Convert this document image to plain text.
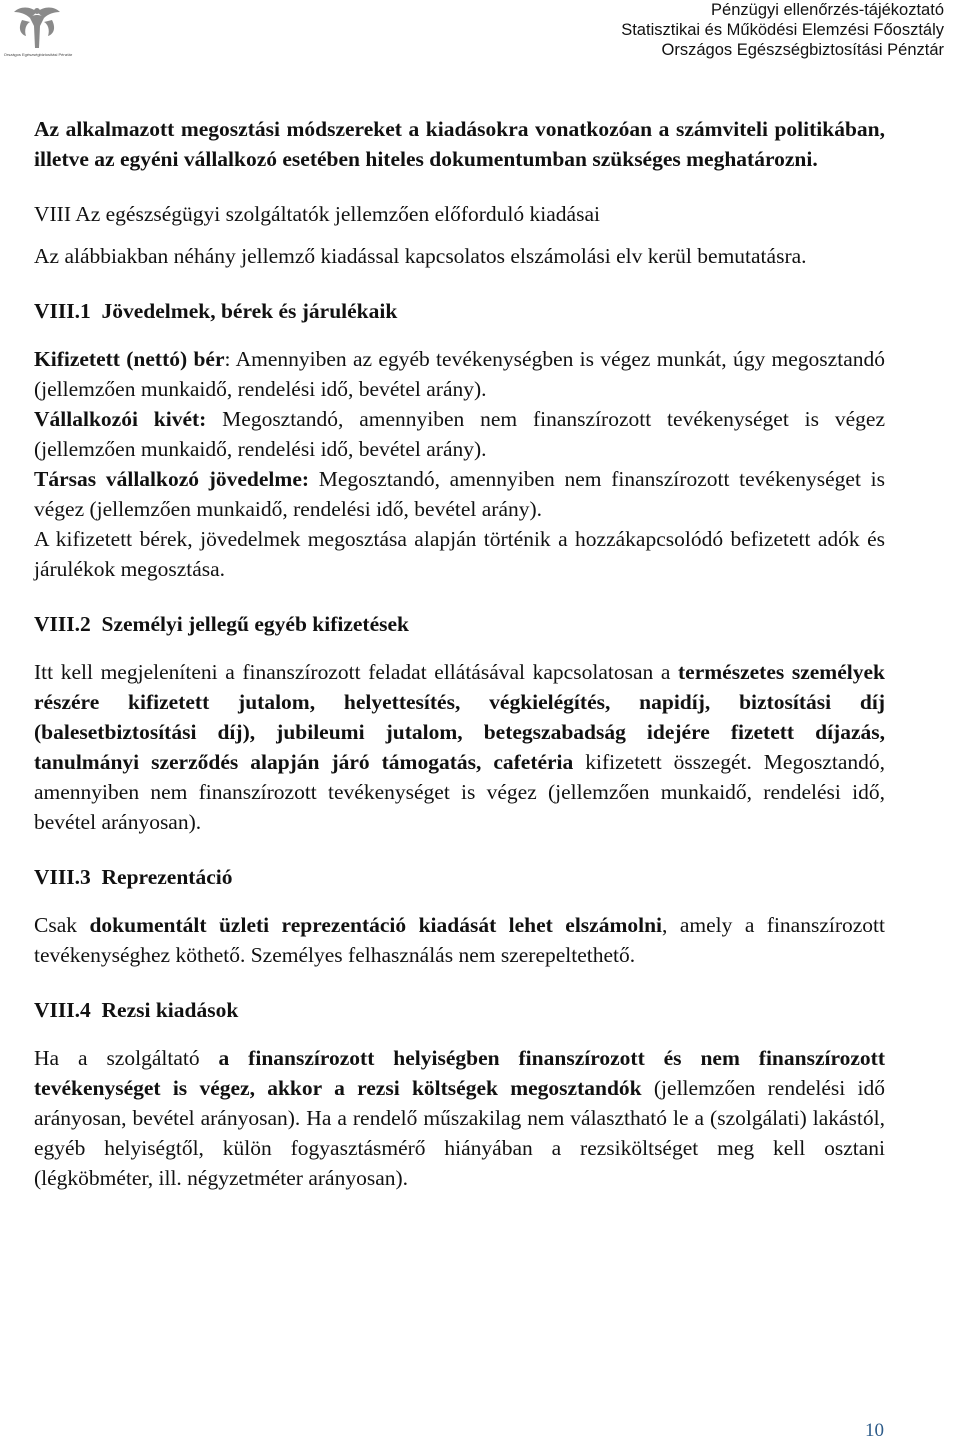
Országos Egészségbiztosítási Pénztár
Pénzügyi ellenőrzés-tájékoztató
Statisztikai és Működési Elemzési Főosztály
Országos Egészségbiztosítási Pénztár

Az alkalmazott megosztási módszereket a kiadásokra vonatkozóan a számviteli politikában, illetve az egyéni vállalkozó esetében hiteles dokumentumban szükséges meghatározni.

VIII Az egészségügyi szolgáltatók jellemzően előforduló kiadásai

Az alábbiakban néhány jellemző kiadással kapcsolatos elszámolási elv kerül bemutatásra.

VIII.1 Jövedelmek, bérek és járulékaik

Kifizetett (nettó) bér: Amennyiben az egyéb tevékenységben is végez munkát, úgy megosztandó (jellemzően munkaidő, rendelési idő, bevétel arány).

Vállalkozói kivét: Megosztandó, amennyiben nem finanszírozott tevékenységet is végez (jellemzően munkaidő, rendelési idő, bevétel arány).

Társas vállalkozó jövedelme: Megosztandó, amennyiben nem finanszírozott tevékenységet is végez (jellemzően munkaidő, rendelési idő, bevétel arány).

A kifizetett bérek, jövedelmek megosztása alapján történik a hozzákapcsolódó befizetett adók és járulékok megosztása.

VIII.2 Személyi jellegű egyéb kifizetések

Itt kell megjeleníteni a finanszírozott feladat ellátásával kapcsolatosan a természetes személyek részére kifizetett jutalom, helyettesítés, végkielégítés, napidíj, biztosítási díj (balesetbiztosítási díj), jubileumi jutalom, betegszabadság idejére fizetett díjazás, tanulmányi szerződés alapján járó támogatás, cafetéria kifizetett összegét. Megosztandó, amennyiben nem finanszírozott tevékenységet is végez (jellemzően munkaidő, rendelési idő, bevétel arányosan).

VIII.3 Reprezentáció

Csak dokumentált üzleti reprezentáció kiadását lehet elszámolni, amely a finanszírozott tevékenységhez köthető. Személyes felhasználás nem szerepeltethető.

VIII.4 Rezsi kiadások

Ha a szolgáltató a finanszírozott helyiségben finanszírozott és nem finanszírozott tevékenységet is végez, akkor a rezsi költségek megosztandók (jellemzően rendelési idő arányosan, bevétel arányosan). Ha a rendelő műszakilag nem választható le a (szolgálati) lakástól, egyéb helyiségtől, külön fogyasztásmérő hiányában a rezsiköltséget meg kell osztani (légköbméter, ill. négyzetméter arányosan).

10
